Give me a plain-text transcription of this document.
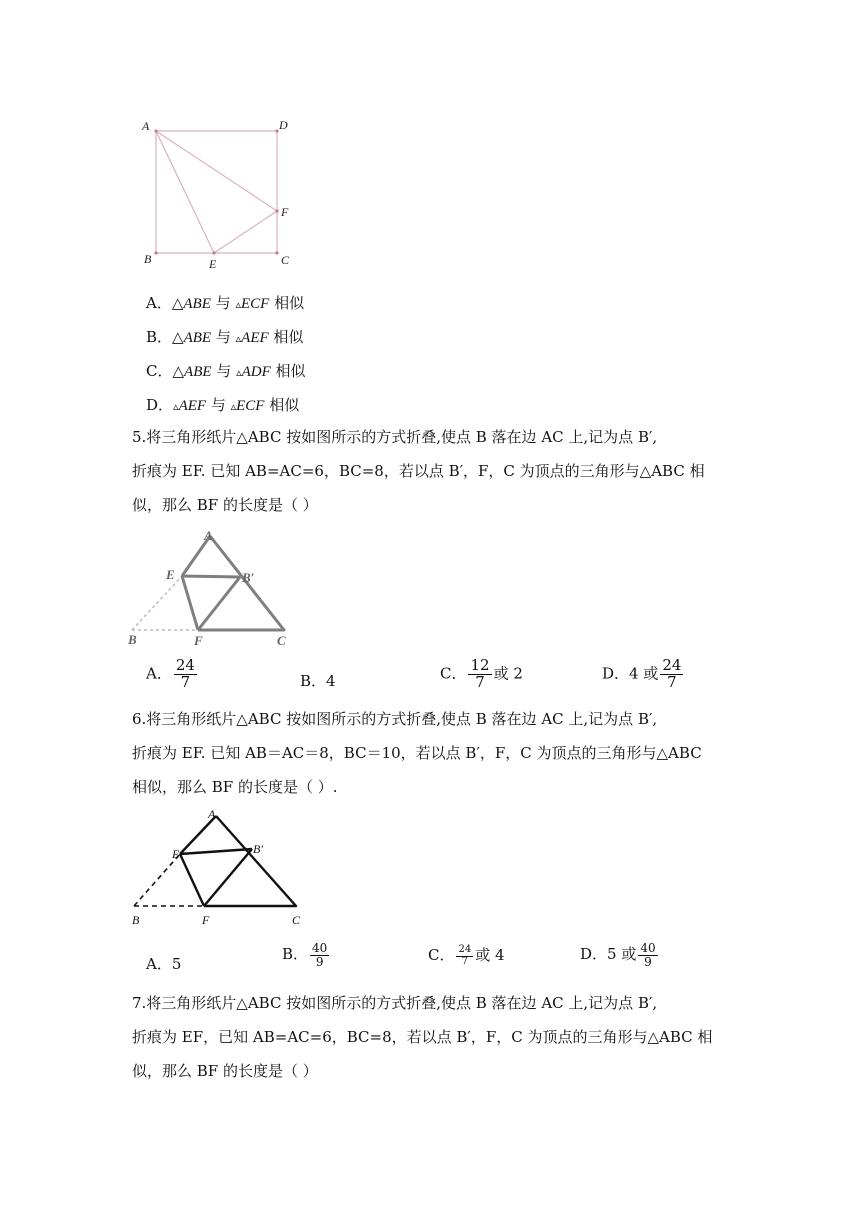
A	D
B	C
E
F
A．△ABE 与 ▵ECF 相似
B．△ABE 与 ▵AEF 相似
C．△ABE 与 ▵ADF 相似
D．▵AEF 与 ▵ECF 相似
5.将三角形纸片△ABC 按如图所示的方式折叠,使点 B 落在边 AC 上,记为点 B′,
折痕为 EF. 已知 AB=AC=6，BC=8，若以点 B′，F，C 为顶点的三角形与△ABC 相
似，那么 BF 的长度是（ ）
A
E	B′
B	F	C
A． $\frac{24}{7}$	B．4	C． $\frac{12}{7}$ 或 2	D．4 或 $\frac{24}{7}$
6.将三角形纸片△ABC 按如图所示的方式折叠,使点 B 落在边 AC 上,记为点 B′,
折痕为 EF. 已知 AB＝AC＝8，BC＝10，若以点 B′，F，C 为顶点的三角形与△ABC
相似，那么 BF 的长度是（ ）.
A
E	B′
B	F	C
A．5
B． $\frac{40}{9}$	C． $\frac{24}{7}$ 或 4	D．5 或 $\frac{40}{9}$
7.将三角形纸片△ABC 按如图所示的方式折叠,使点 B 落在边 AC 上,记为点 B′,
折痕为 EF，已知 AB=AC=6，BC=8，若以点 B′，F，C 为顶点的三角形与△ABC 相
似，那么 BF 的长度是（ ）
